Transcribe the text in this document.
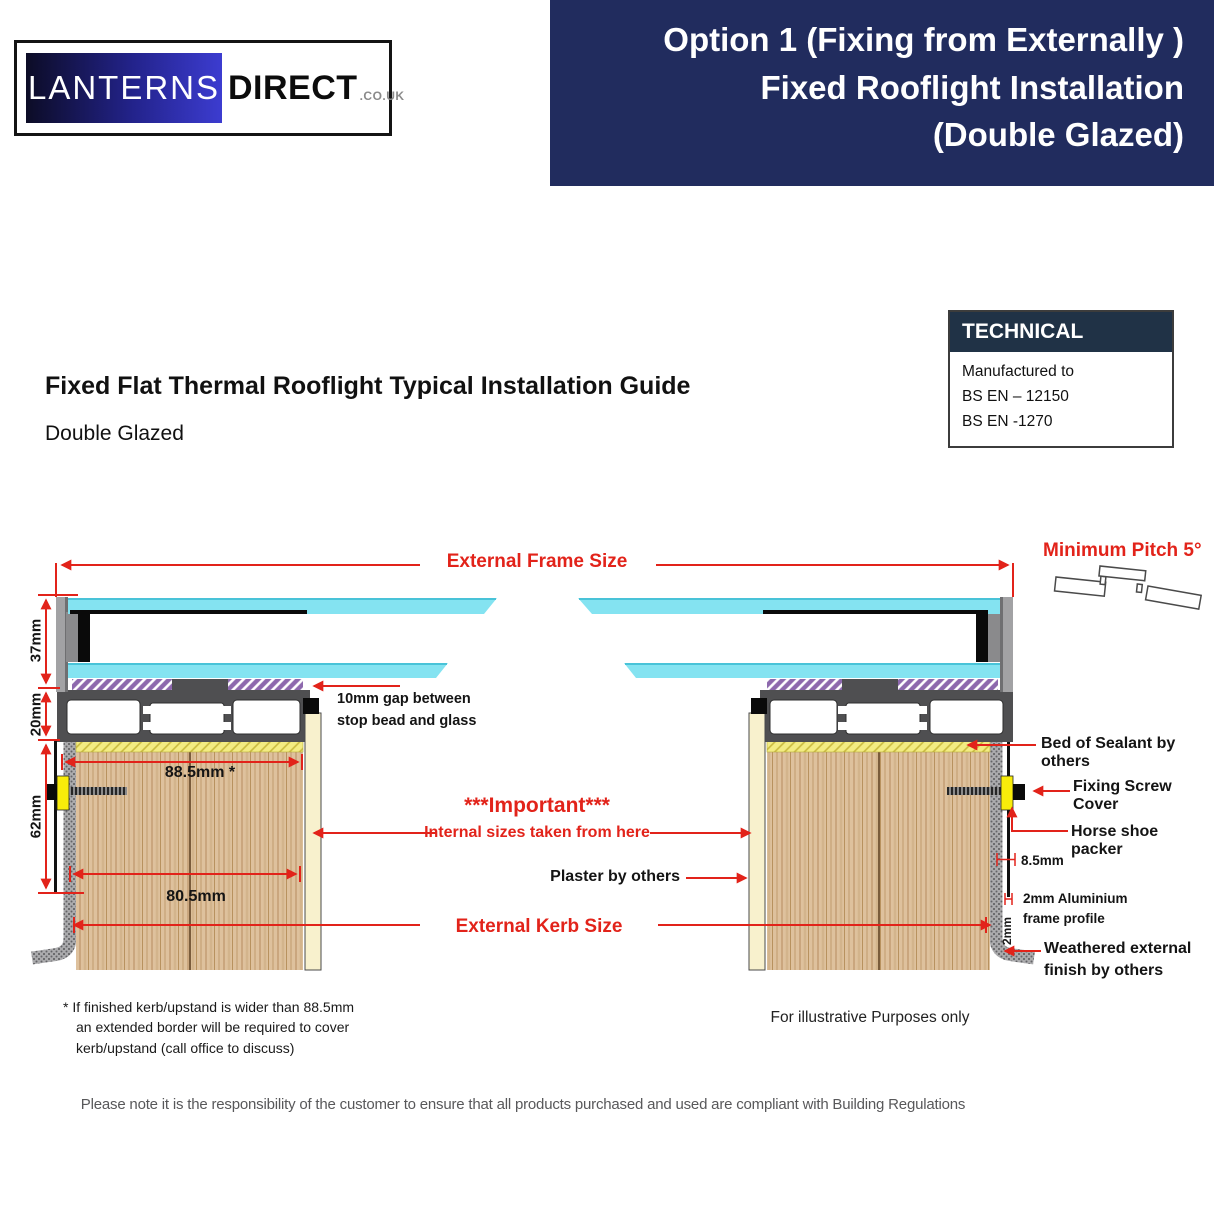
LANTERNS DIRECT .CO.UK
Option 1 (Fixing from Externally )
Fixed Rooflight Installation
(Double Glazed)
TECHNICAL
Manufactured to
BS EN – 12150
BS EN -1270
Fixed Flat Thermal Rooflight Typical Installation Guide
Double Glazed
External Frame Size
Minimum Pitch 5°
37mm
20mm
62mm
10mm gap between
stop bead and glass
88.5mm *
80.5mm
***Important***
Internal sizes taken from here
Plaster by others
External Kerb Size
Bed of Sealant by others
Fixing Screw Cover
Horse shoe packer
8.5mm
2mm Aluminium
frame profile
2mm
Weathered external
finish by others
For illustrative Purposes only
* If finished kerb/upstand is wider than 88.5mm
an extended border will be required to cover
kerb/upstand (call office to discuss)
Please note it is the responsibility of the customer to ensure that all products purchased and used are compliant with Building Regulations
